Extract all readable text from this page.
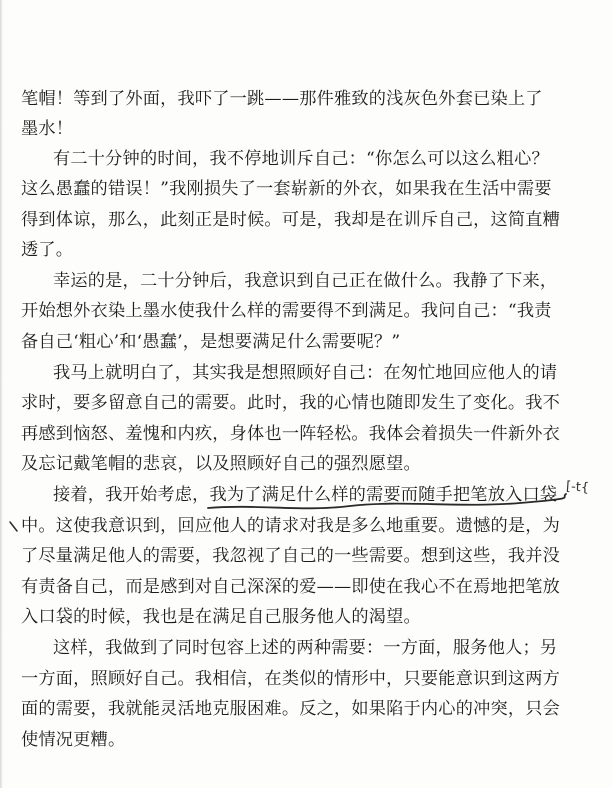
笔帽！等到了外面，我吓了一跳——那件雅致的浅灰色外套已染上了
墨水！
有二十分钟的时间，我不停地训斥自己：“你怎么可以这么粗心？
这么愚蠢的错误！”我刚损失了一套崭新的外衣，如果我在生活中需要
得到体谅，那么，此刻正是时候。可是，我却是在训斥自己，这简直糟
透了。
幸运的是，二十分钟后，我意识到自己正在做什么。我静了下来，
开始想外衣染上墨水使我什么样的需要得不到满足。我问自己：“我责
备自己‘粗心’和‘愚蠢’，是想要满足什么需要呢？”
我马上就明白了，其实我是想照顾好自己：在匆忙地回应他人的请
求时，要多留意自己的需要。此时，我的心情也随即发生了变化。我不
再感到恼怒、羞愧和内疚，身体也一阵轻松。我体会着损失一件新外衣
及忘记戴笔帽的悲哀，以及照顾好自己的强烈愿望。
接着，我开始考虑，我为了满足什么样的需要而随手把笔放入口袋
中。这使我意识到，回应他人的请求对我是多么地重要。遗憾的是，为
了尽量满足他人的需要，我忽视了自己的一些需要。想到这些，我并没
有责备自己，而是感到对自己深深的爱——即使在我心不在焉地把笔放
入口袋的时候，我也是在满足自己服务他人的渴望。
这样，我做到了同时包容上述的两种需要：一方面，服务他人；另
一方面，照顾好自己。我相信，在类似的情形中，只要能意识到这两方
面的需要，我就能灵活地克服困难。反之，如果陷于内心的冲突，只会
使情况更糟。
[-t{
